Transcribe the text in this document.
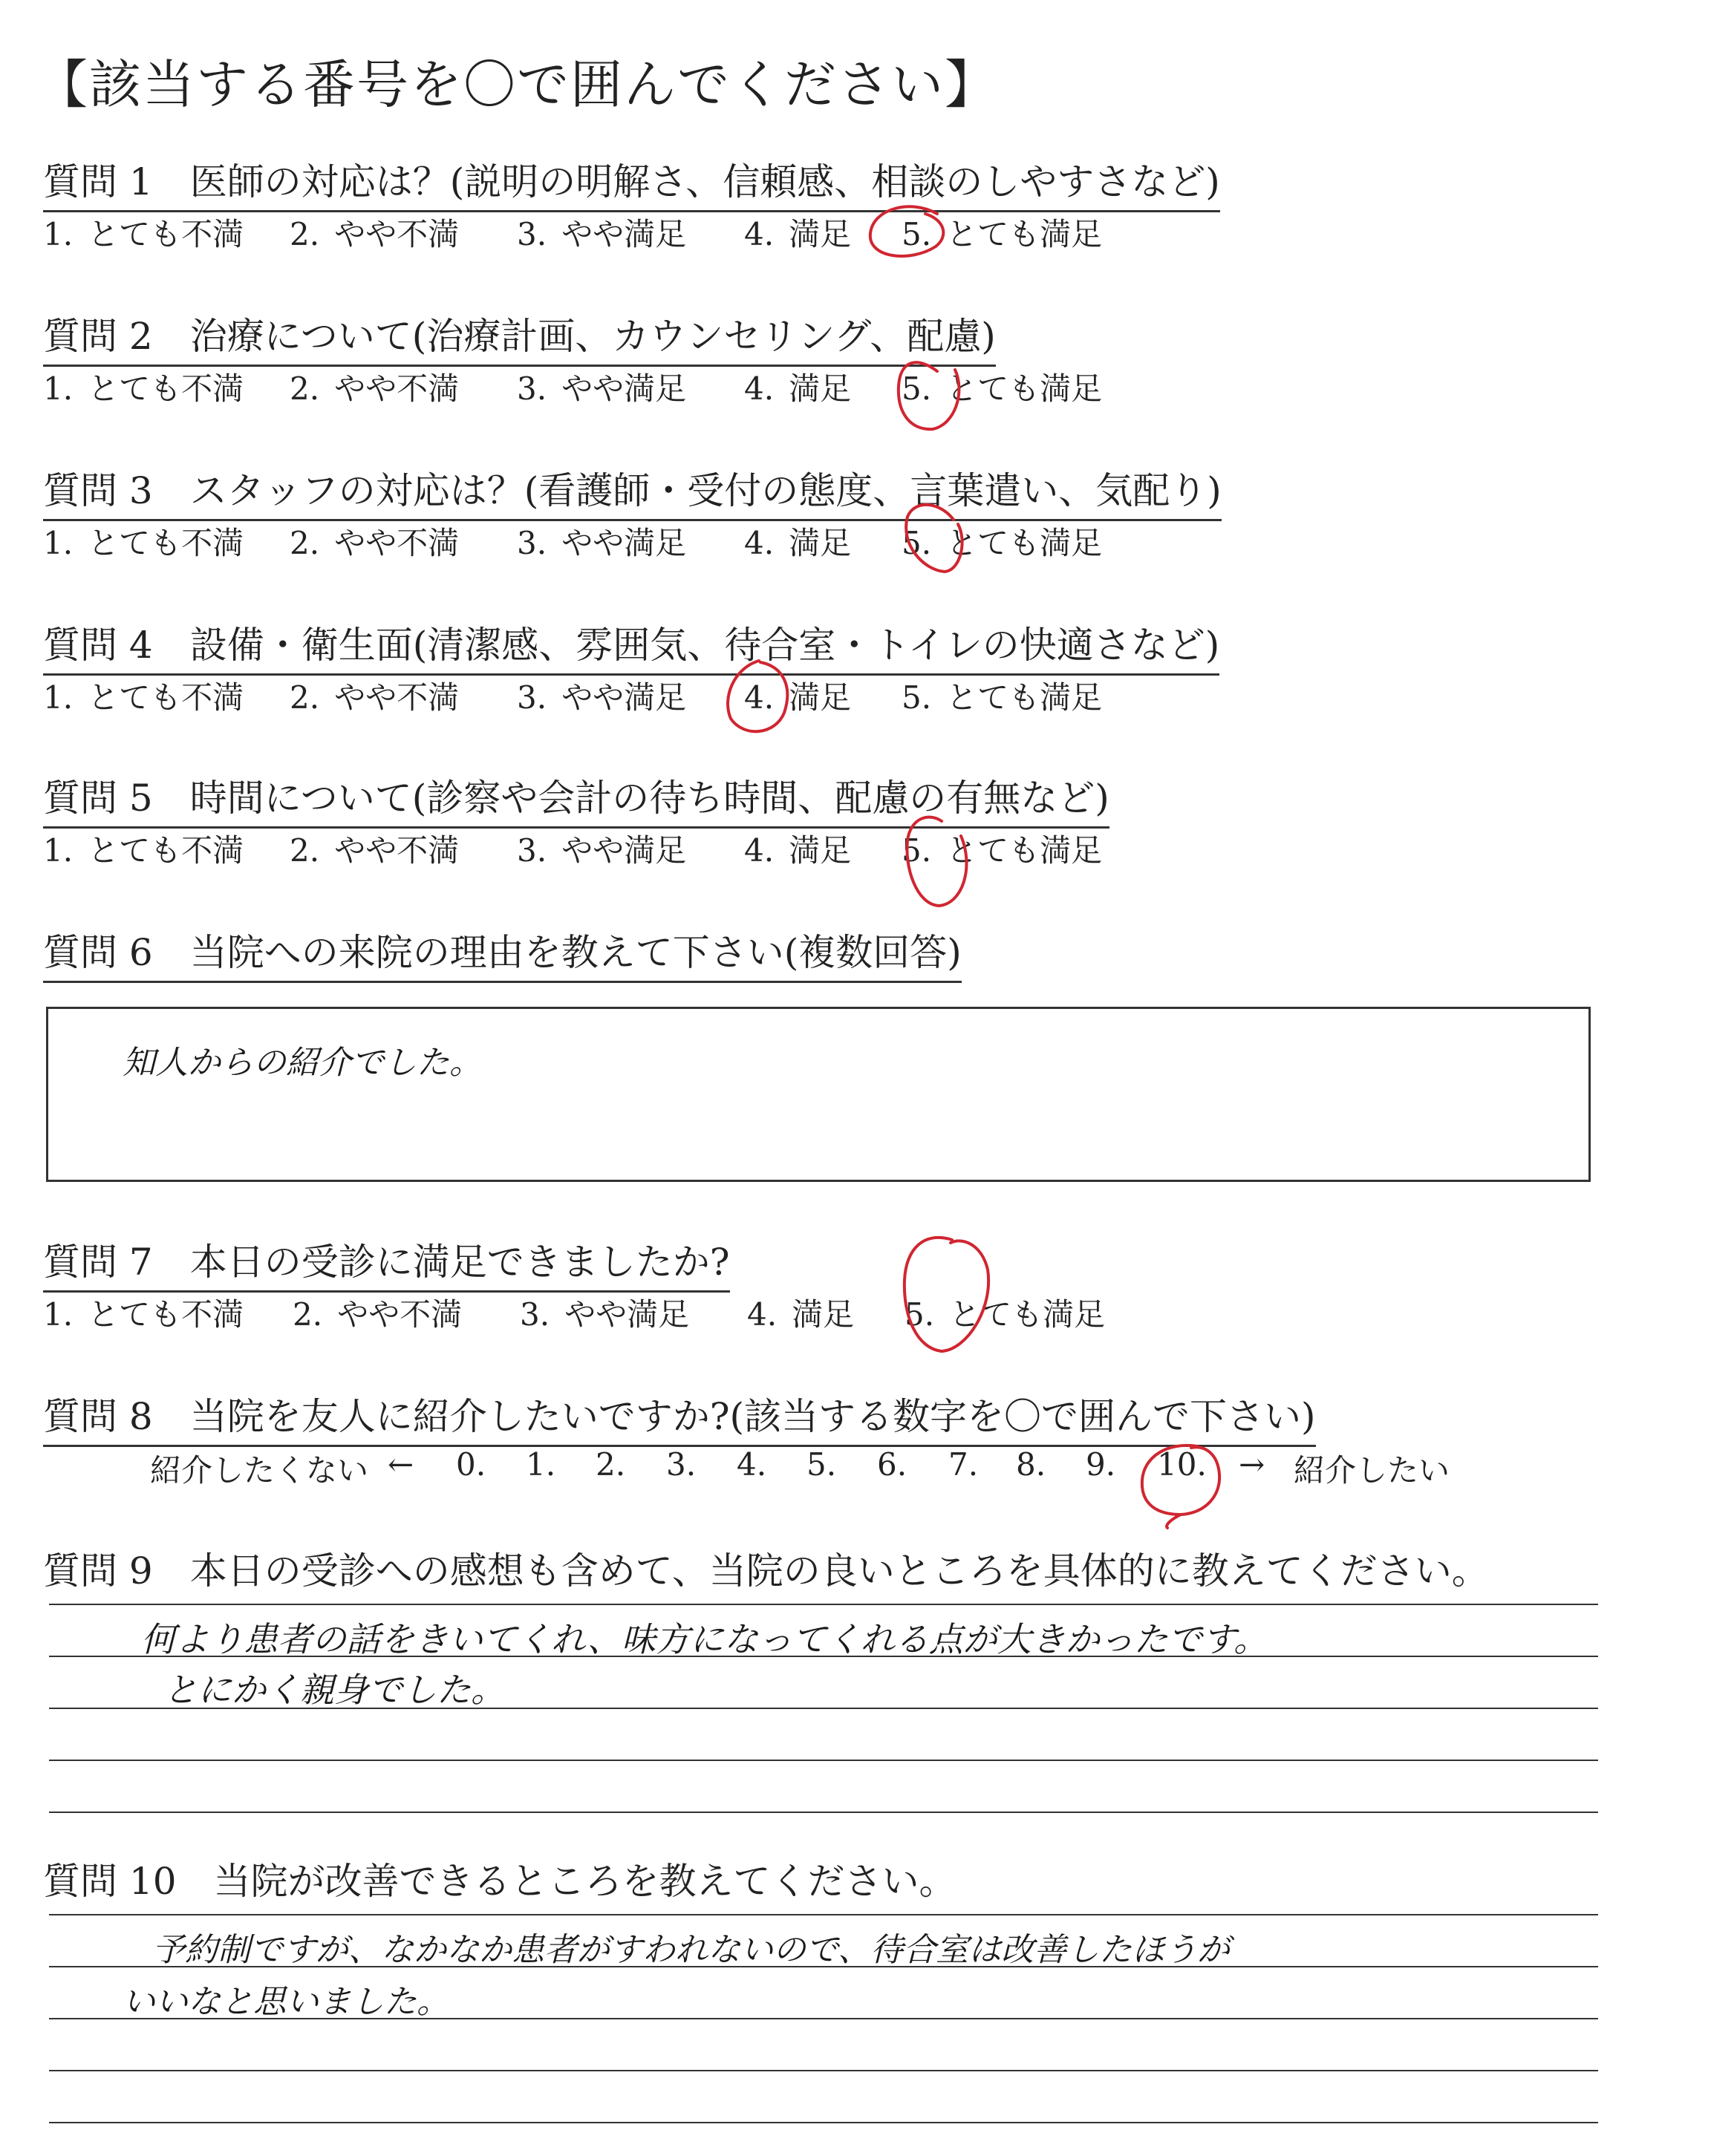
【該当する番号を〇で囲んでください】
質問 1 医師の対応は？(説明の明解さ、信頼感、相談のしやすさなど)
1. とても不満 2. やや不満 3. やや満足 4. 満足 5. とても満足
質問 2 治療について(治療計画、カウンセリング、配慮)
1. とても不満 2. やや不満 3. やや満足 4. 満足 5. とても満足
質問 3 スタッフの対応は？(看護師・受付の態度、言葉遣い、気配り)
1. とても不満 2. やや不満 3. やや満足 4. 満足 5. とても満足
質問 4 設備・衛生面(清潔感、雰囲気、待合室・トイレの快適さなど)
1. とても不満 2. やや不満 3. やや満足 4. 満足 5. とても満足
質問 5 時間について(診察や会計の待ち時間、配慮の有無など)
1. とても不満 2. やや不満 3. やや満足 4. 満足 5. とても満足
質問 6 当院への来院の理由を教えて下さい(複数回答)
知人からの紹介でした。
質問 7 本日の受診に満足できましたか?
1. とても不満 2. やや不満 3. やや満足 4. 満足 5. とても満足
質問 8 当院を友人に紹介したいですか?(該当する数字を〇で囲んで下さい)
紹介したくない ← 0. 1. 2. 3. 4. 5. 6. 7. 8. 9. 10. → 紹介したい
質問 9 本日の受診への感想も含めて、当院の良いところを具体的に教えてください。
何より患者の話をきいてくれ、味方になってくれる点が大きかったです。
とにかく親身でした。
質問 10 当院が改善できるところを教えてください。
予約制ですが、なかなか患者がすわれないので、待合室は改善したほうが
いいなと思いました。
